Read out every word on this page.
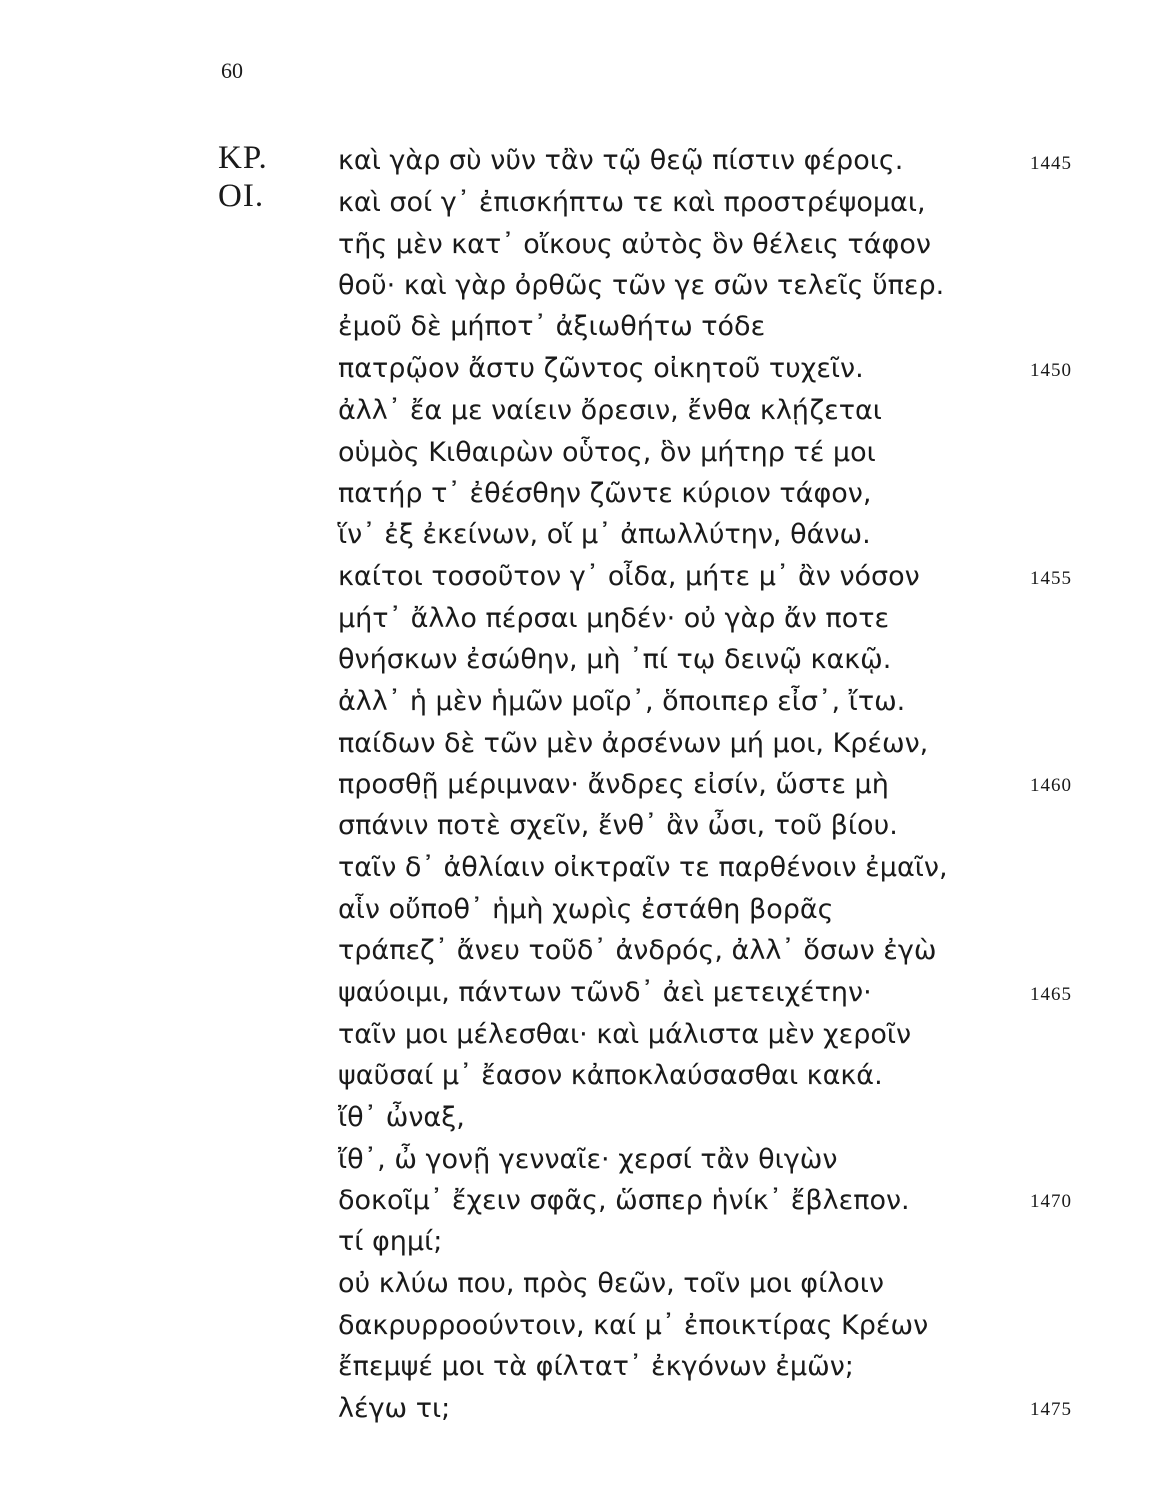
60
ΚΡ.
ΟΙ.
καὶ γὰρ σὺ νῦν τἂν τῷ θεῷ πίστιν φέροις.
καὶ σοί γ᾽ ἐπισκήπτω τε καὶ προστρέψομαι,
τῆς μὲν κατ᾽ οἴκους αὐτὸς ὃν θέλεις τάφον
θοῦ· καὶ γὰρ ὀρθῶς τῶν γε σῶν τελεῖς ὕπερ.
ἐμοῦ δὲ μήποτ᾽ ἀξιωθήτω τόδε
πατρῷον ἄστυ ζῶντος οἰκητοῦ τυχεῖν.
ἀλλ᾽ ἔα με ναίειν ὄρεσιν, ἔνθα κλῄζεται
οὑμὸς Κιθαιρὼν οὗτος, ὃν μήτηρ τέ μοι
πατήρ τ᾽ ἐθέσθην ζῶντε κύριον τάφον,
ἵν᾽ ἐξ ἐκείνων, οἵ μ᾽ ἀπωλλύτην, θάνω.
καίτοι τοσοῦτον γ᾽ οἶδα, μήτε μ᾽ ἂν νόσον
μήτ᾽ ἄλλο πέρσαι μηδέν· οὐ γὰρ ἄν ποτε
θνήσκων ἐσώθην, μὴ ᾽πί τῳ δεινῷ κακῷ.
ἀλλ᾽ ἡ μὲν ἡμῶν μοῖρ᾽, ὅποιπερ εἶσ᾽, ἴτω.
παίδων δὲ τῶν μὲν ἀρσένων μή μοι, Κρέων,
προσθῇ μέριμναν· ἄνδρες εἰσίν, ὥστε μὴ
σπάνιν ποτὲ σχεῖν, ἔνθ᾽ ἂν ὦσι, τοῦ βίου.
ταῖν δ᾽ ἀθλίαιν οἰκτραῖν τε παρθένοιν ἐμαῖν,
αἷν οὔποθ᾽ ἡμὴ χωρὶς ἐστάθη βορᾶς
τράπεζ᾽ ἄνευ τοῦδ᾽ ἀνδρός, ἀλλ᾽ ὅσων ἐγὼ
ψαύοιμι, πάντων τῶνδ᾽ ἀεὶ μετειχέτην·
ταῖν μοι μέλεσθαι· καὶ μάλιστα μὲν χεροῖν
ψαῦσαί μ᾽ ἔασον κἀποκλαύσασθαι κακά.
ἴθ᾽ ὦναξ,
ἴθ᾽, ὦ γονῇ γενναῖε· χερσί τἂν θιγὼν
δοκοῖμ᾽ ἔχειν σφᾶς, ὥσπερ ἡνίκ᾽ ἔβλεπον.
τί φημί;
οὐ κλύω που, πρὸς θεῶν, τοῖν μοι φίλοιν
δακρυρροούντοιν, καί μ᾽ ἐποικτίρας Κρέων
ἔπεμψέ μοι τὰ φίλτατ᾽ ἐκγόνων ἐμῶν;
λέγω τι;
1445
1450
1455
1460
1465
1470
1475
